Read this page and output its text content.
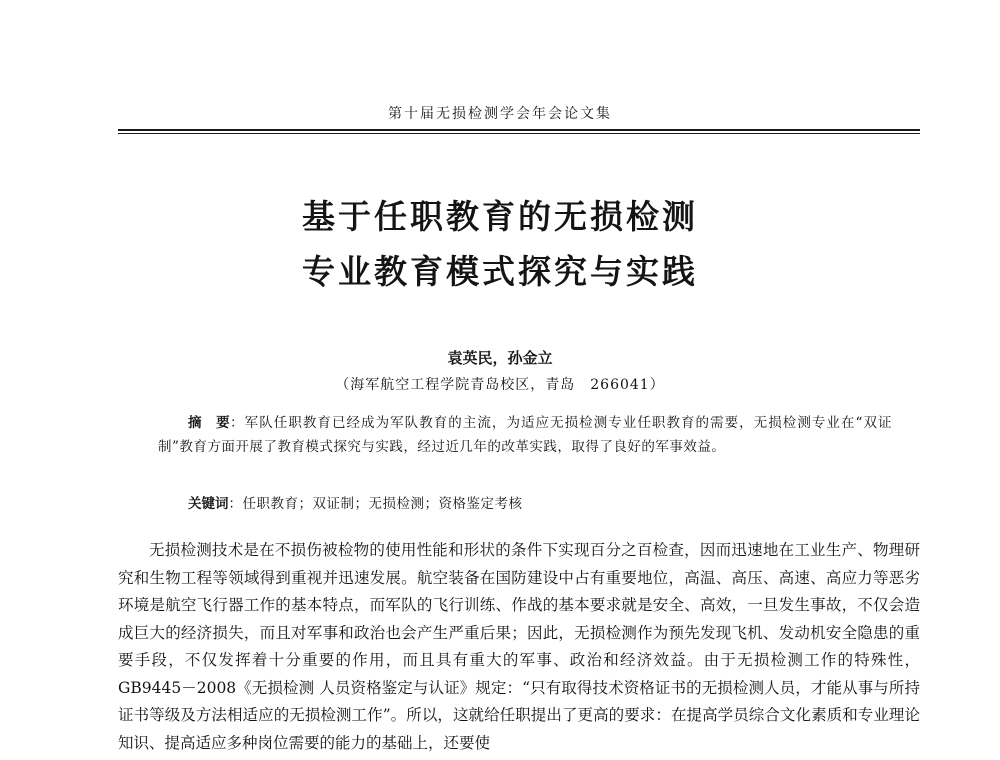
第十届无损检测学会年会论文集
基于任职教育的无损检测
专业教育模式探究与实践
袁英民，孙金立
（海军航空工程学院青岛校区，青岛　266041）
摘　要：军队任职教育已经成为军队教育的主流，为适应无损检测专业任职教育的需要，无损检测专业在“双证制”教育方面开展了教育模式探究与实践，经过近几年的改革实践，取得了良好的军事效益。
关键词：任职教育；双证制；无损检测；资格鉴定考核
无损检测技术是在不损伤被检物的使用性能和形状的条件下实现百分之百检查，因而迅速地在工业生产、物理研究和生物工程等领域得到重视并迅速发展。航空装备在国防建设中占有重要地位，高温、高压、高速、高应力等恶劣环境是航空飞行器工作的基本特点，而军队的飞行训练、作战的基本要求就是安全、高效，一旦发生事故，不仅会造成巨大的经济损失，而且对军事和政治也会产生严重后果；因此，无损检测作为预先发现飞机、发动机安全隐患的重要手段，不仅发挥着十分重要的作用，而且具有重大的军事、政治和经济效益。由于无损检测工作的特殊性，GB9445－2008《无损检测 人员资格鉴定与认证》规定：“只有取得技术资格证书的无损检测人员，才能从事与所持证书等级及方法相适应的无损检测工作”。所以，这就给任职提出了更高的要求：在提高学员综合文化素质和专业理论知识、提高适应多种岗位需要的能力的基础上，还要使
